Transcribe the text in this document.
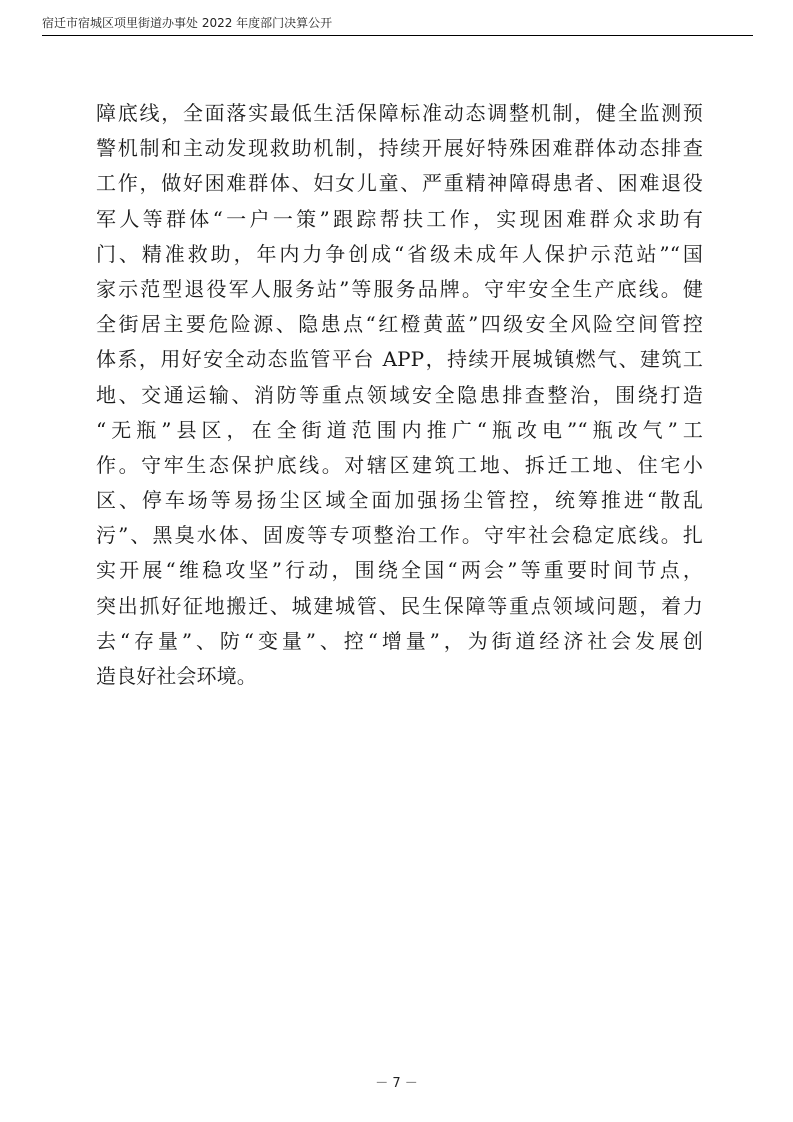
宿迁市宿城区项里街道办事处 2022 年度部门决算公开
障底线，全面落实最低生活保障标准动态调整机制，健全监测预
警机制和主动发现救助机制，持续开展好特殊困难群体动态排查
工作，做好困难群体、妇女儿童、严重精神障碍患者、困难退役
军人等群体“一户一策”跟踪帮扶工作，实现困难群众求助有
门、精准救助，年内力争创成“省级未成年人保护示范站”“国
家示范型退役军人服务站”等服务品牌。守牢安全生产底线。健
全街居主要危险源、隐患点“红橙黄蓝”四级安全风险空间管控
体系，用好安全动态监管平台 APP，持续开展城镇燃气、建筑工
地、交通运输、消防等重点领域安全隐患排查整治，围绕打造
“无瓶”县区，在全街道范围内推广“瓶改电”“瓶改气”工
作。守牢生态保护底线。对辖区建筑工地、拆迁工地、住宅小
区、停车场等易扬尘区域全面加强扬尘管控，统筹推进“散乱
污”、黑臭水体、固废等专项整治工作。守牢社会稳定底线。扎
实开展“维稳攻坚”行动，围绕全国“两会”等重要时间节点，
突出抓好征地搬迁、城建城管、民生保障等重点领域问题，着力
去“存量”、防“变量”、控“增量”，为街道经济社会发展创
造良好社会环境。
－ 7 －
